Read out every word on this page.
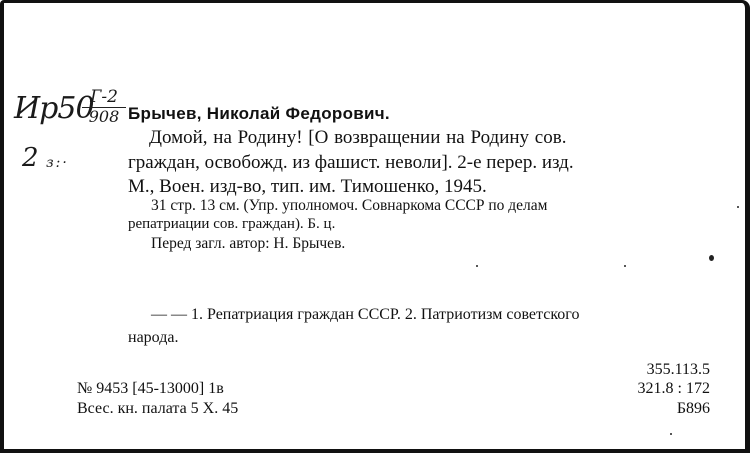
Ир50
Г-2
908
2 з:·
Брычев, Николай Федорович.
Домой, на Родину! [О возвращении на Родину сов.
граждан, освобожд. из фашист. неволи]. 2-е перер. изд.
М., Воен. изд-во, тип. им. Тимошенко, 1945.
31 стр. 13 см. (Упр. уполномоч. Совнаркома СССР по делам
репатриации сов. граждан). Б. ц.
Перед загл. автор: Н. Брычев.
— — 1. Репатриация граждан СССР. 2. Патриотизм советского
народа.
355.113.5
321.8 : 172
Б896
№ 9453 [45-13000] 1в
Всес. кн. палата 5 X. 45
